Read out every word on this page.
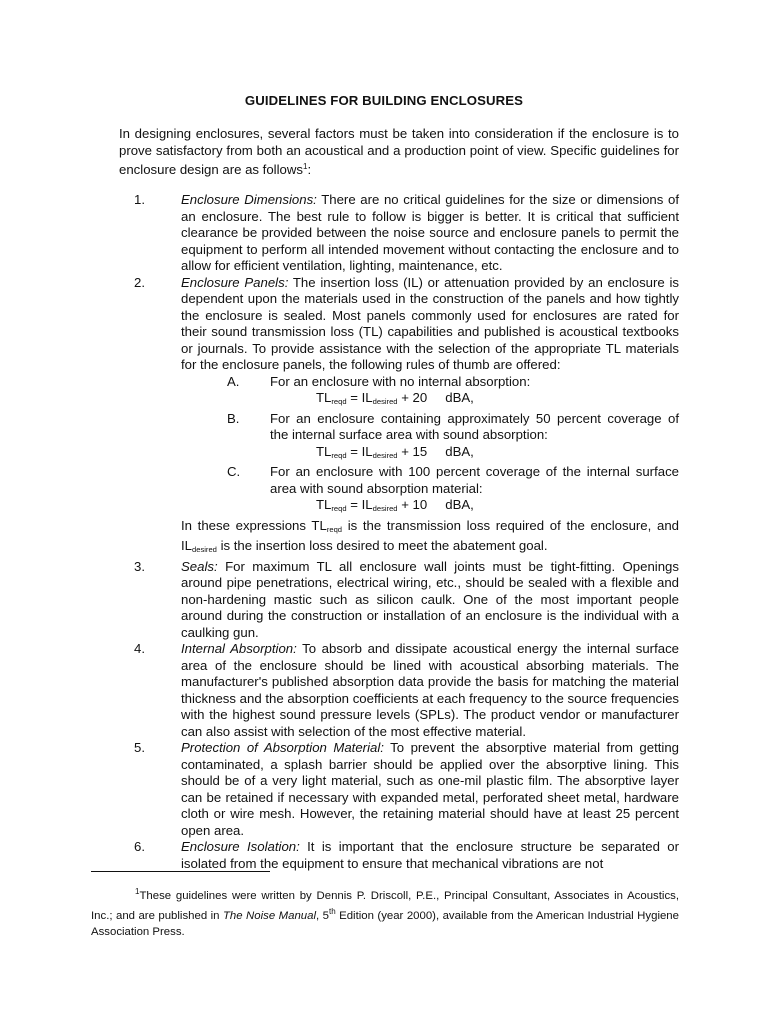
GUIDELINES FOR BUILDING ENCLOSURES
In designing enclosures, several factors must be taken into consideration if the enclosure is to prove satisfactory from both an acoustical and a production point of view. Specific guidelines for enclosure design are as follows$^1$:
1.	Enclosure Dimensions: There are no critical guidelines for the size or dimensions of an enclosure. The best rule to follow is bigger is better. It is critical that sufficient clearance be provided between the noise source and enclosure panels to permit the equipment to perform all intended movement without contacting the enclosure and to allow for efficient ventilation, lighting, maintenance, etc.
2.	Enclosure Panels: The insertion loss (IL) or attenuation provided by an enclosure is dependent upon the materials used in the construction of the panels and how tightly the enclosure is sealed. Most panels commonly used for enclosures are rated for their sound transmission loss (TL) capabilities and published is acoustical textbooks or journals. To provide assistance with the selection of the appropriate TL materials for the enclosure panels, the following rules of thumb are offered:
A. For an enclosure with no internal absorption:
$TL_{reqd} = IL_{desired} + 20$ dBA,
B. For an enclosure containing approximately 50 percent coverage of the internal surface area with sound absorption:
$TL_{reqd} = IL_{desired} + 15$ dBA,
C. For an enclosure with 100 percent coverage of the internal surface area with sound absorption material:
$TL_{reqd} = IL_{desired} + 10$ dBA,
In these expressions $TL_{reqd}$ is the transmission loss required of the enclosure, and $IL_{desired}$ is the insertion loss desired to meet the abatement goal.
3.	Seals: For maximum TL all enclosure wall joints must be tight-fitting. Openings around pipe penetrations, electrical wiring, etc., should be sealed with a flexible and non-hardening mastic such as silicon caulk. One of the most important people around during the construction or installation of an enclosure is the individual with a caulking gun.
4.	Internal Absorption: To absorb and dissipate acoustical energy the internal surface area of the enclosure should be lined with acoustical absorbing materials. The manufacturer's published absorption data provide the basis for matching the material thickness and the absorption coefficients at each frequency to the source frequencies with the highest sound pressure levels (SPLs). The product vendor or manufacturer can also assist with selection of the most effective material.
5.	Protection of Absorption Material: To prevent the absorptive material from getting contaminated, a splash barrier should be applied over the absorptive lining. This should be of a very light material, such as one-mil plastic film. The absorptive layer can be retained if necessary with expanded metal, perforated sheet metal, hardware cloth or wire mesh. However, the retaining material should have at least 25 percent open area.
6.	Enclosure Isolation: It is important that the enclosure structure be separated or isolated from the equipment to ensure that mechanical vibrations are not
$^1$These guidelines were written by Dennis P. Driscoll, P.E., Principal Consultant, Associates in Acoustics, Inc.; and are published in The Noise Manual, 5th Edition (year 2000), available from the American Industrial Hygiene Association Press.
